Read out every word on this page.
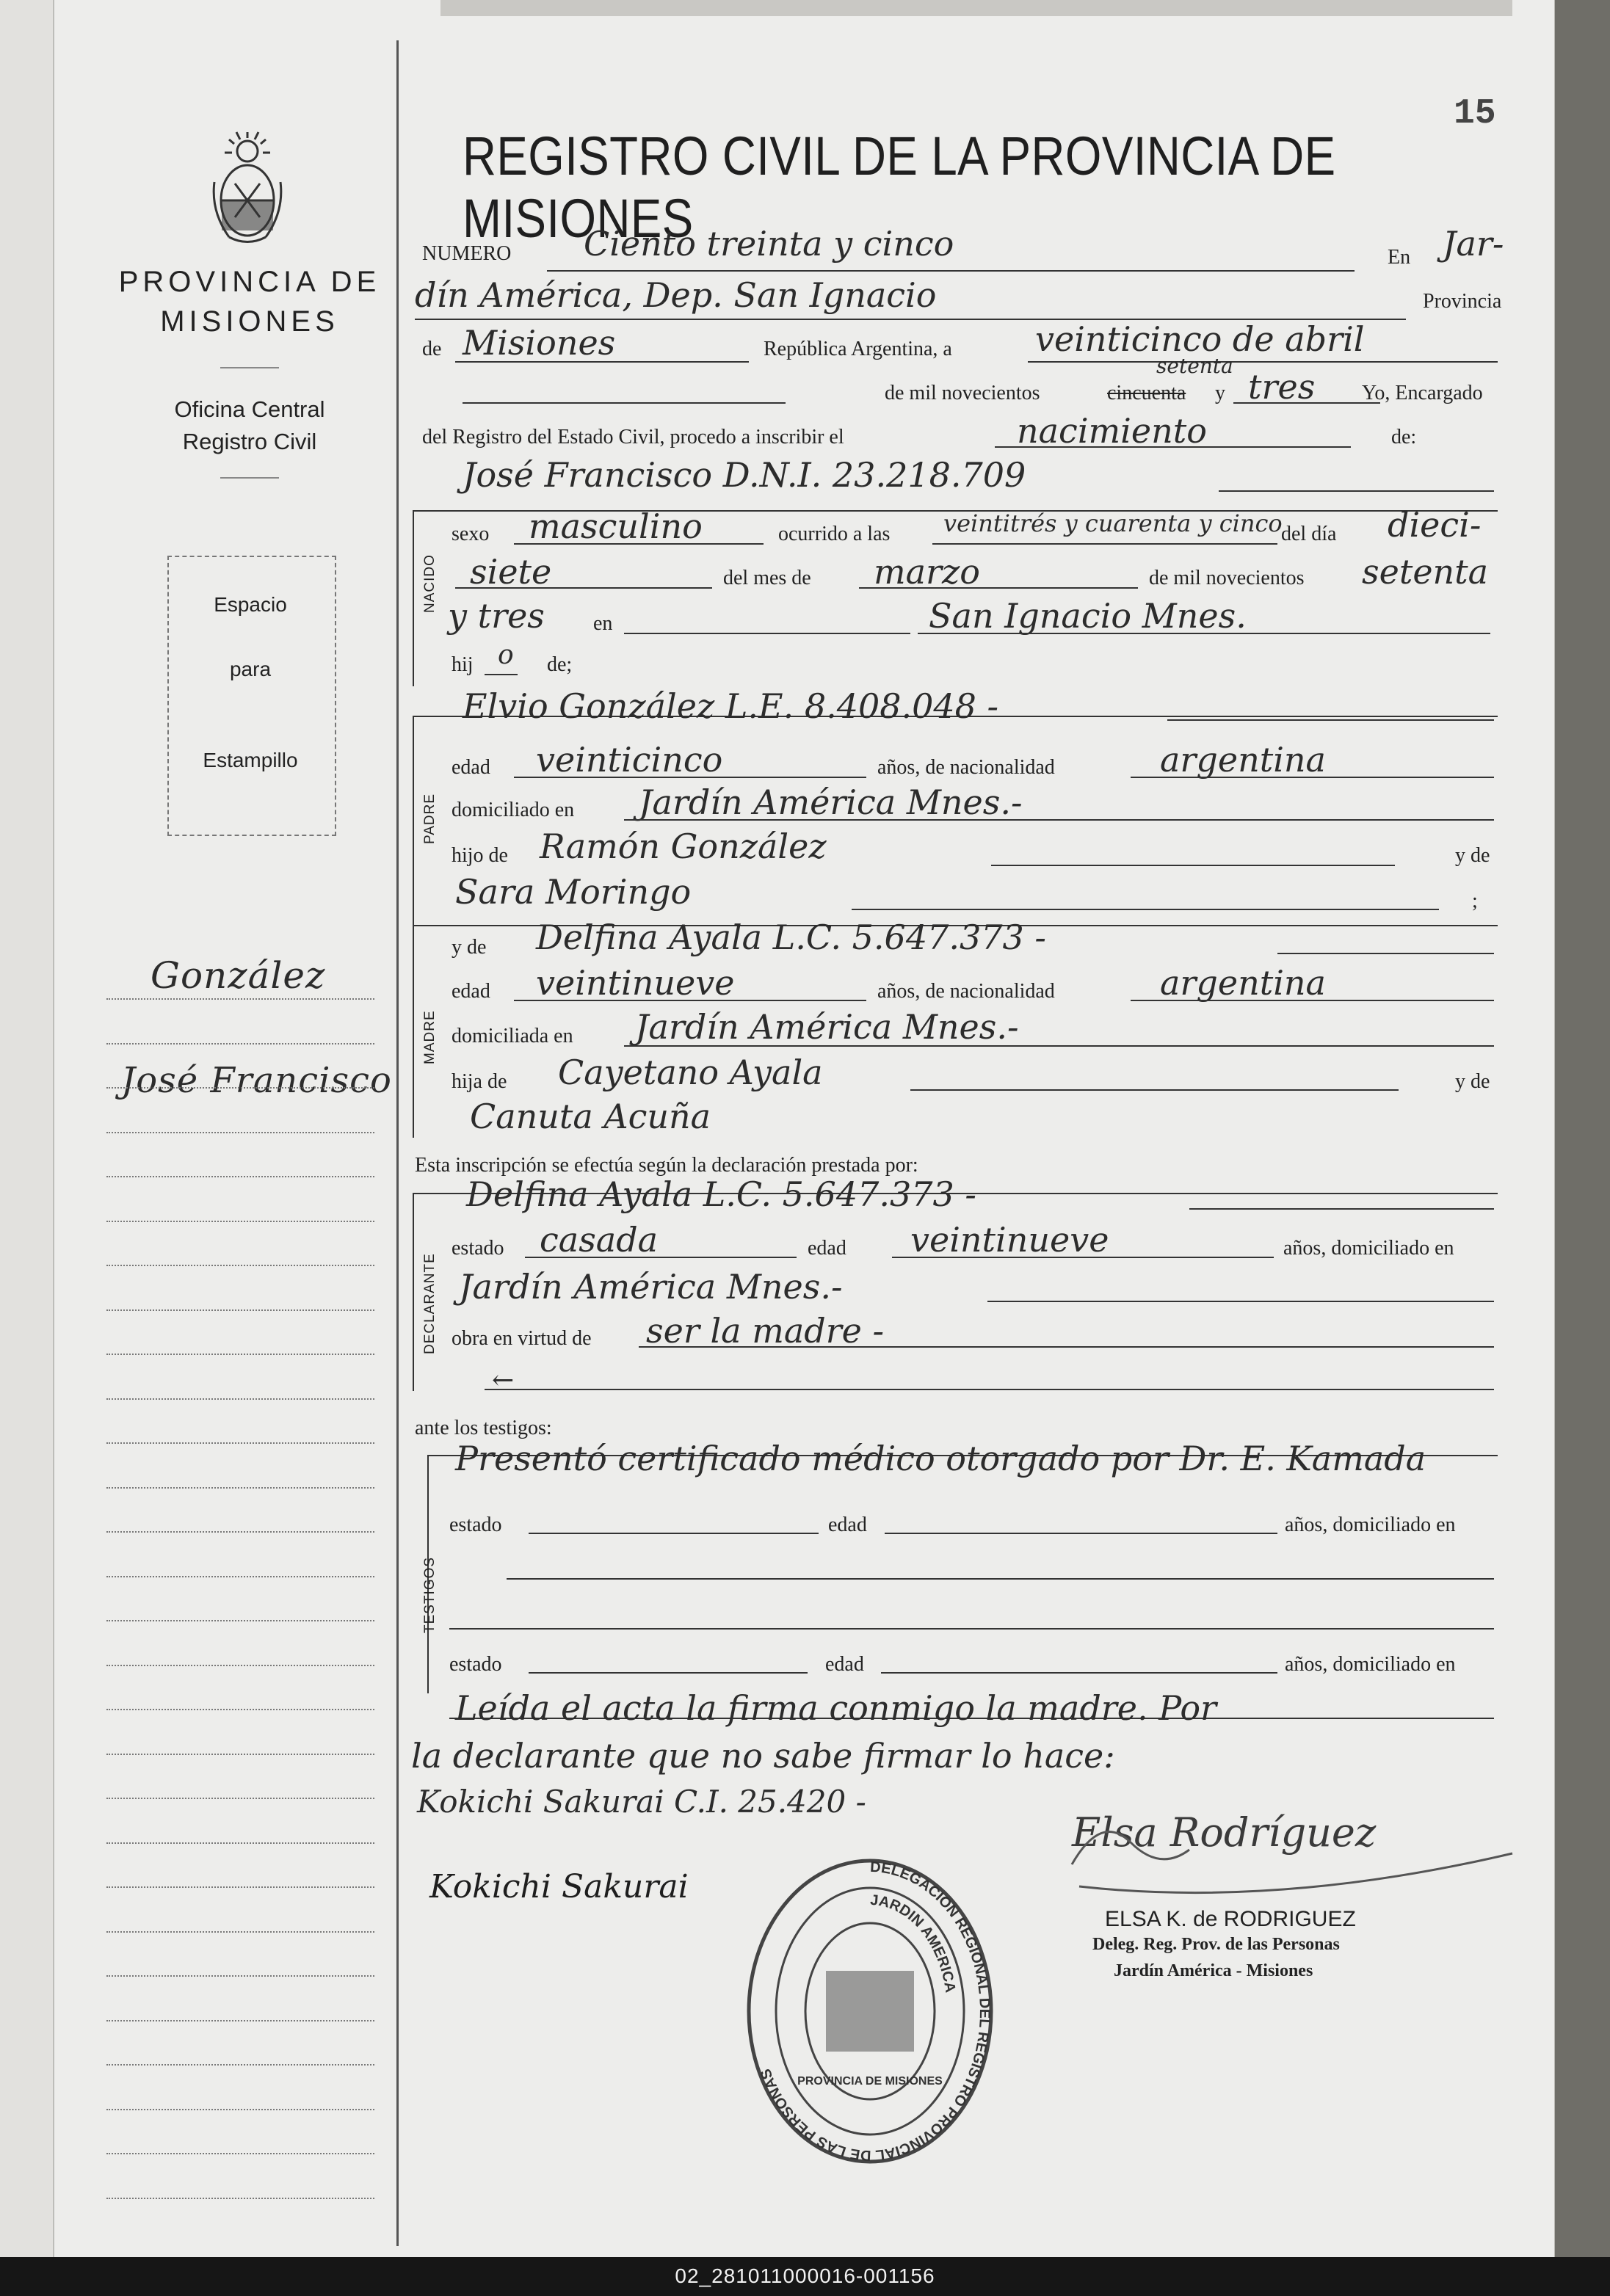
PROVINCIA DE
MISIONES
Oficina Central
Registro Civil
Espacio
para
Estampillo
González
José Francisco
15
REGISTRO CIVIL DE LA PROVINCIA DE MISIONES
NUMERO Ciento treinta y cinco	En Jar-
dín América, Dep. San Ignacio	Provincia
de Misiones	República Argentina, a veinticinco de abril
de mil novecientos	cincuenta y
setenta
tres Yo, Encargado
del Registro del Estado Civil, procedo a inscribir el	nacimiento	de:
José Francisco D.N.I. 23.218.709
NACIDO
sexo masculino	ocurrido a las veintitrés y cuarenta y cinco
del día dieci-
siete	del mes de marzo	de mil novecientos setenta
y tres en	San Ignacio Mnes.
hij o de;
PADRE
Elvio González L.E. 8.408.048 -
edad veinticinco	años, de nacionalidad	argentina
domiciliado en Jardín América Mnes.-
hijo de Ramón González	y de
Sara Moringo	;
MADRE
y de Delfina Ayala L.C. 5.647.373 -
edad veintinueve	años, de nacionalidad	argentina
domiciliada en Jardín América Mnes.-
hija de Cayetano Ayala	y de
Canuta Acuña
Esta inscripción se efectúa según la declaración prestada por:
DECLARANTE
Delfina Ayala L.C. 5.647.373 -
estado casada	edad veintinueve	años, domiciliado en
Jardín América Mnes.-
obra en virtud de ser la madre -
←
ante los testigos:
TESTIGOS
Presentó certificado médico otorgado por Dr. E. Kamada
estado	edad	años, domiciliado en
estado	edad	años, domiciliado en
Leída el acta la firma conmigo la madre. Por
la declarante que no sabe firmar lo hace:
Kokichi Sakurai C.I. 25.420 -
Kokichi Sakurai
DELEGACION REGIONAL DEL REGISTRO PROVINCIAL DE LAS PERSONAS
JARDIN AMERICA
PROVINCIA DE MISIONES
Elsa Rodríguez
ELSA K. de RODRIGUEZ
Deleg. Reg. Prov. de las Personas
Jardín América - Misiones
02_281011000016-001156
